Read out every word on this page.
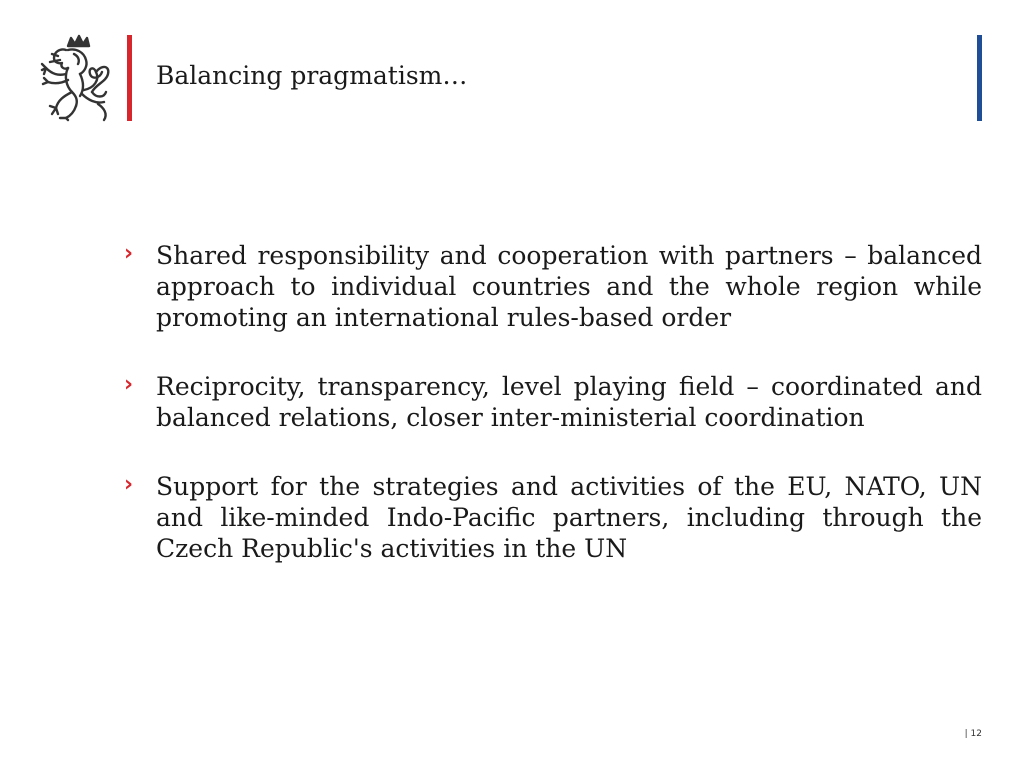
Balancing pragmatism…
› Shared responsibility and cooperation with partners – balanced approach to individual countries and the whole region while promoting an international rules-based order
› Reciprocity, transparency, level playing field – coordinated and balanced relations, closer inter-ministerial coordination
› Support for the strategies and activities of the EU, NATO, UN and like-minded Indo-Pacific partners, including through the Czech Republic's activities in the UN
| 12
